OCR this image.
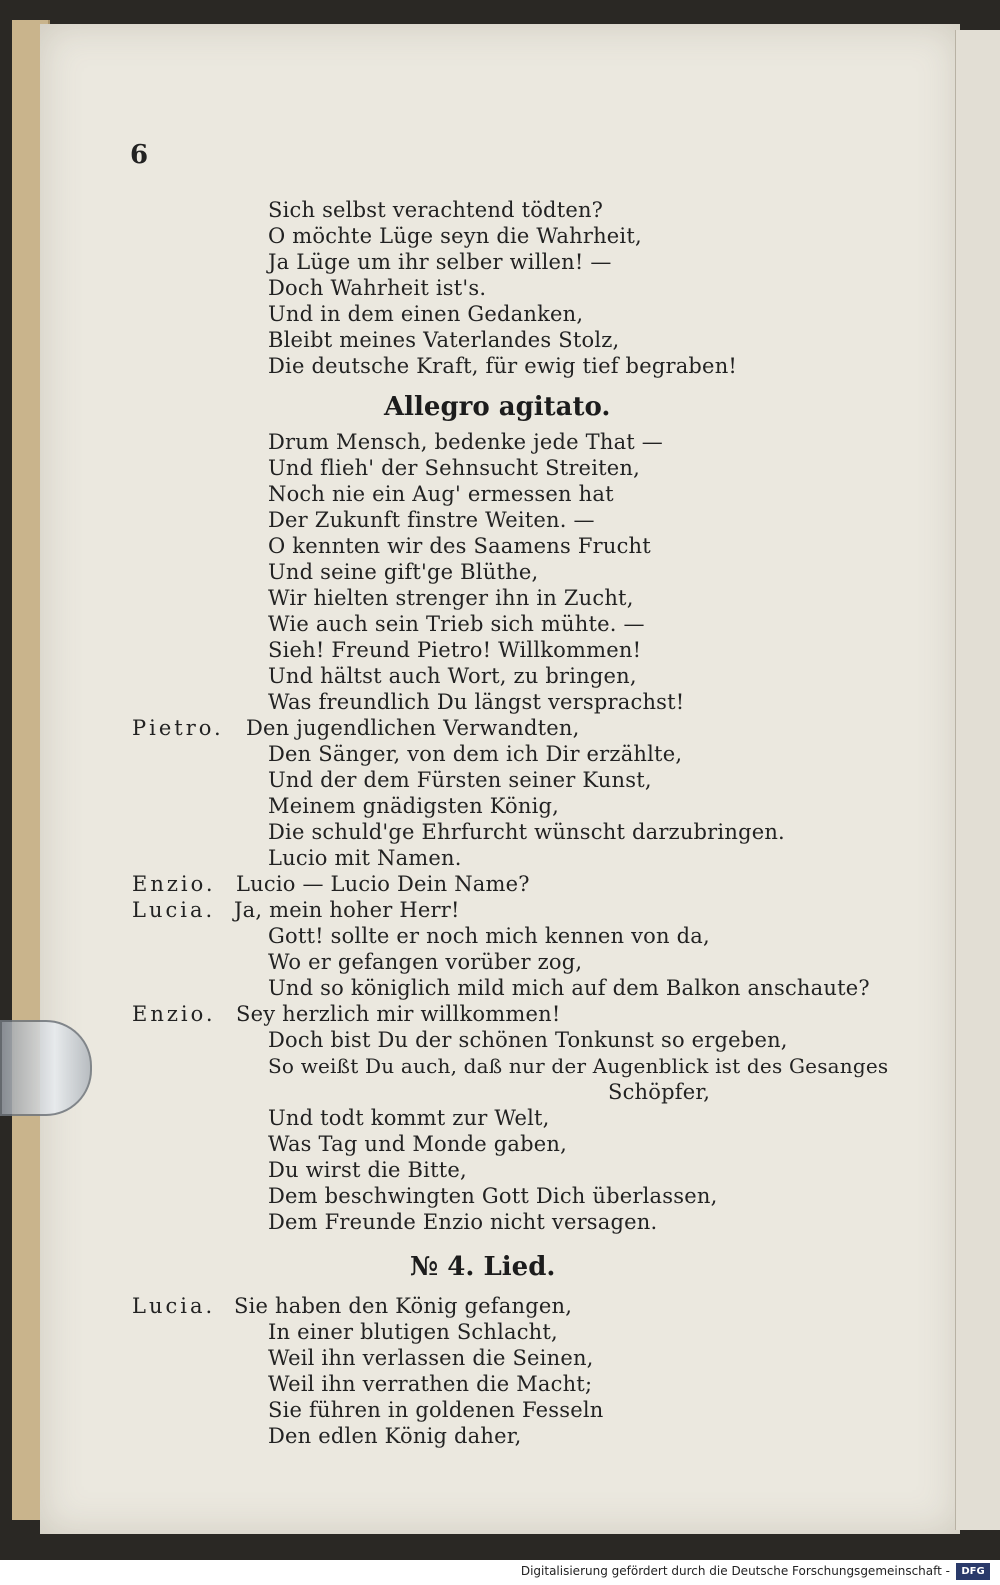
6
Sich selbst verachtend tödten?
O möchte Lüge seyn die Wahrheit,
Ja Lüge um ihr selber willen! —
Doch Wahrheit ist's.
Und in dem einen Gedanken,
Bleibt meines Vaterlandes Stolz,
Die deutsche Kraft, für ewig tief begraben!
Allegro agitato.
Drum Mensch, bedenke jede That —
Und flieh' der Sehnsucht Streiten,
Noch nie ein Aug' ermessen hat
Der Zukunft finstre Weiten. —
O kennten wir des Saamens Frucht
Und seine gift'ge Blüthe,
Wir hielten strenger ihn in Zucht,
Wie auch sein Trieb sich mühte. —
Sieh! Freund Pietro! Willkommen!
Und hältst auch Wort, zu bringen,
Was freundlich Du längst versprachst!
Pietro. Den jugendlichen Verwandten,
Den Sänger, von dem ich Dir erzählte,
Und der dem Fürsten seiner Kunst,
Meinem gnädigsten König,
Die schuld'ge Ehrfurcht wünscht darzubringen.
Lucio mit Namen.
Enzio. Lucio — Lucio Dein Name?
Lucia. Ja, mein hoher Herr!
Gott! sollte er noch mich kennen von da,
Wo er gefangen vorüber zog,
Und so königlich mild mich auf dem Balkon anschaute?
Enzio. Sey herzlich mir willkommen!
Doch bist Du der schönen Tonkunst so ergeben,
So weißt Du auch, daß nur der Augenblick ist des Gesanges
Schöpfer,
Und todt kommt zur Welt,
Was Tag und Monde gaben,
Du wirst die Bitte,
Dem beschwingten Gott Dich überlassen,
Dem Freunde Enzio nicht versagen.
№ 4. Lied.
Lucia. Sie haben den König gefangen,
In einer blutigen Schlacht,
Weil ihn verlassen die Seinen,
Weil ihn verrathen die Macht;
Sie führen in goldenen Fesseln
Den edlen König daher,
Digitalisierung gefördert durch die Deutsche Forschungsgemeinschaft -	DFG
